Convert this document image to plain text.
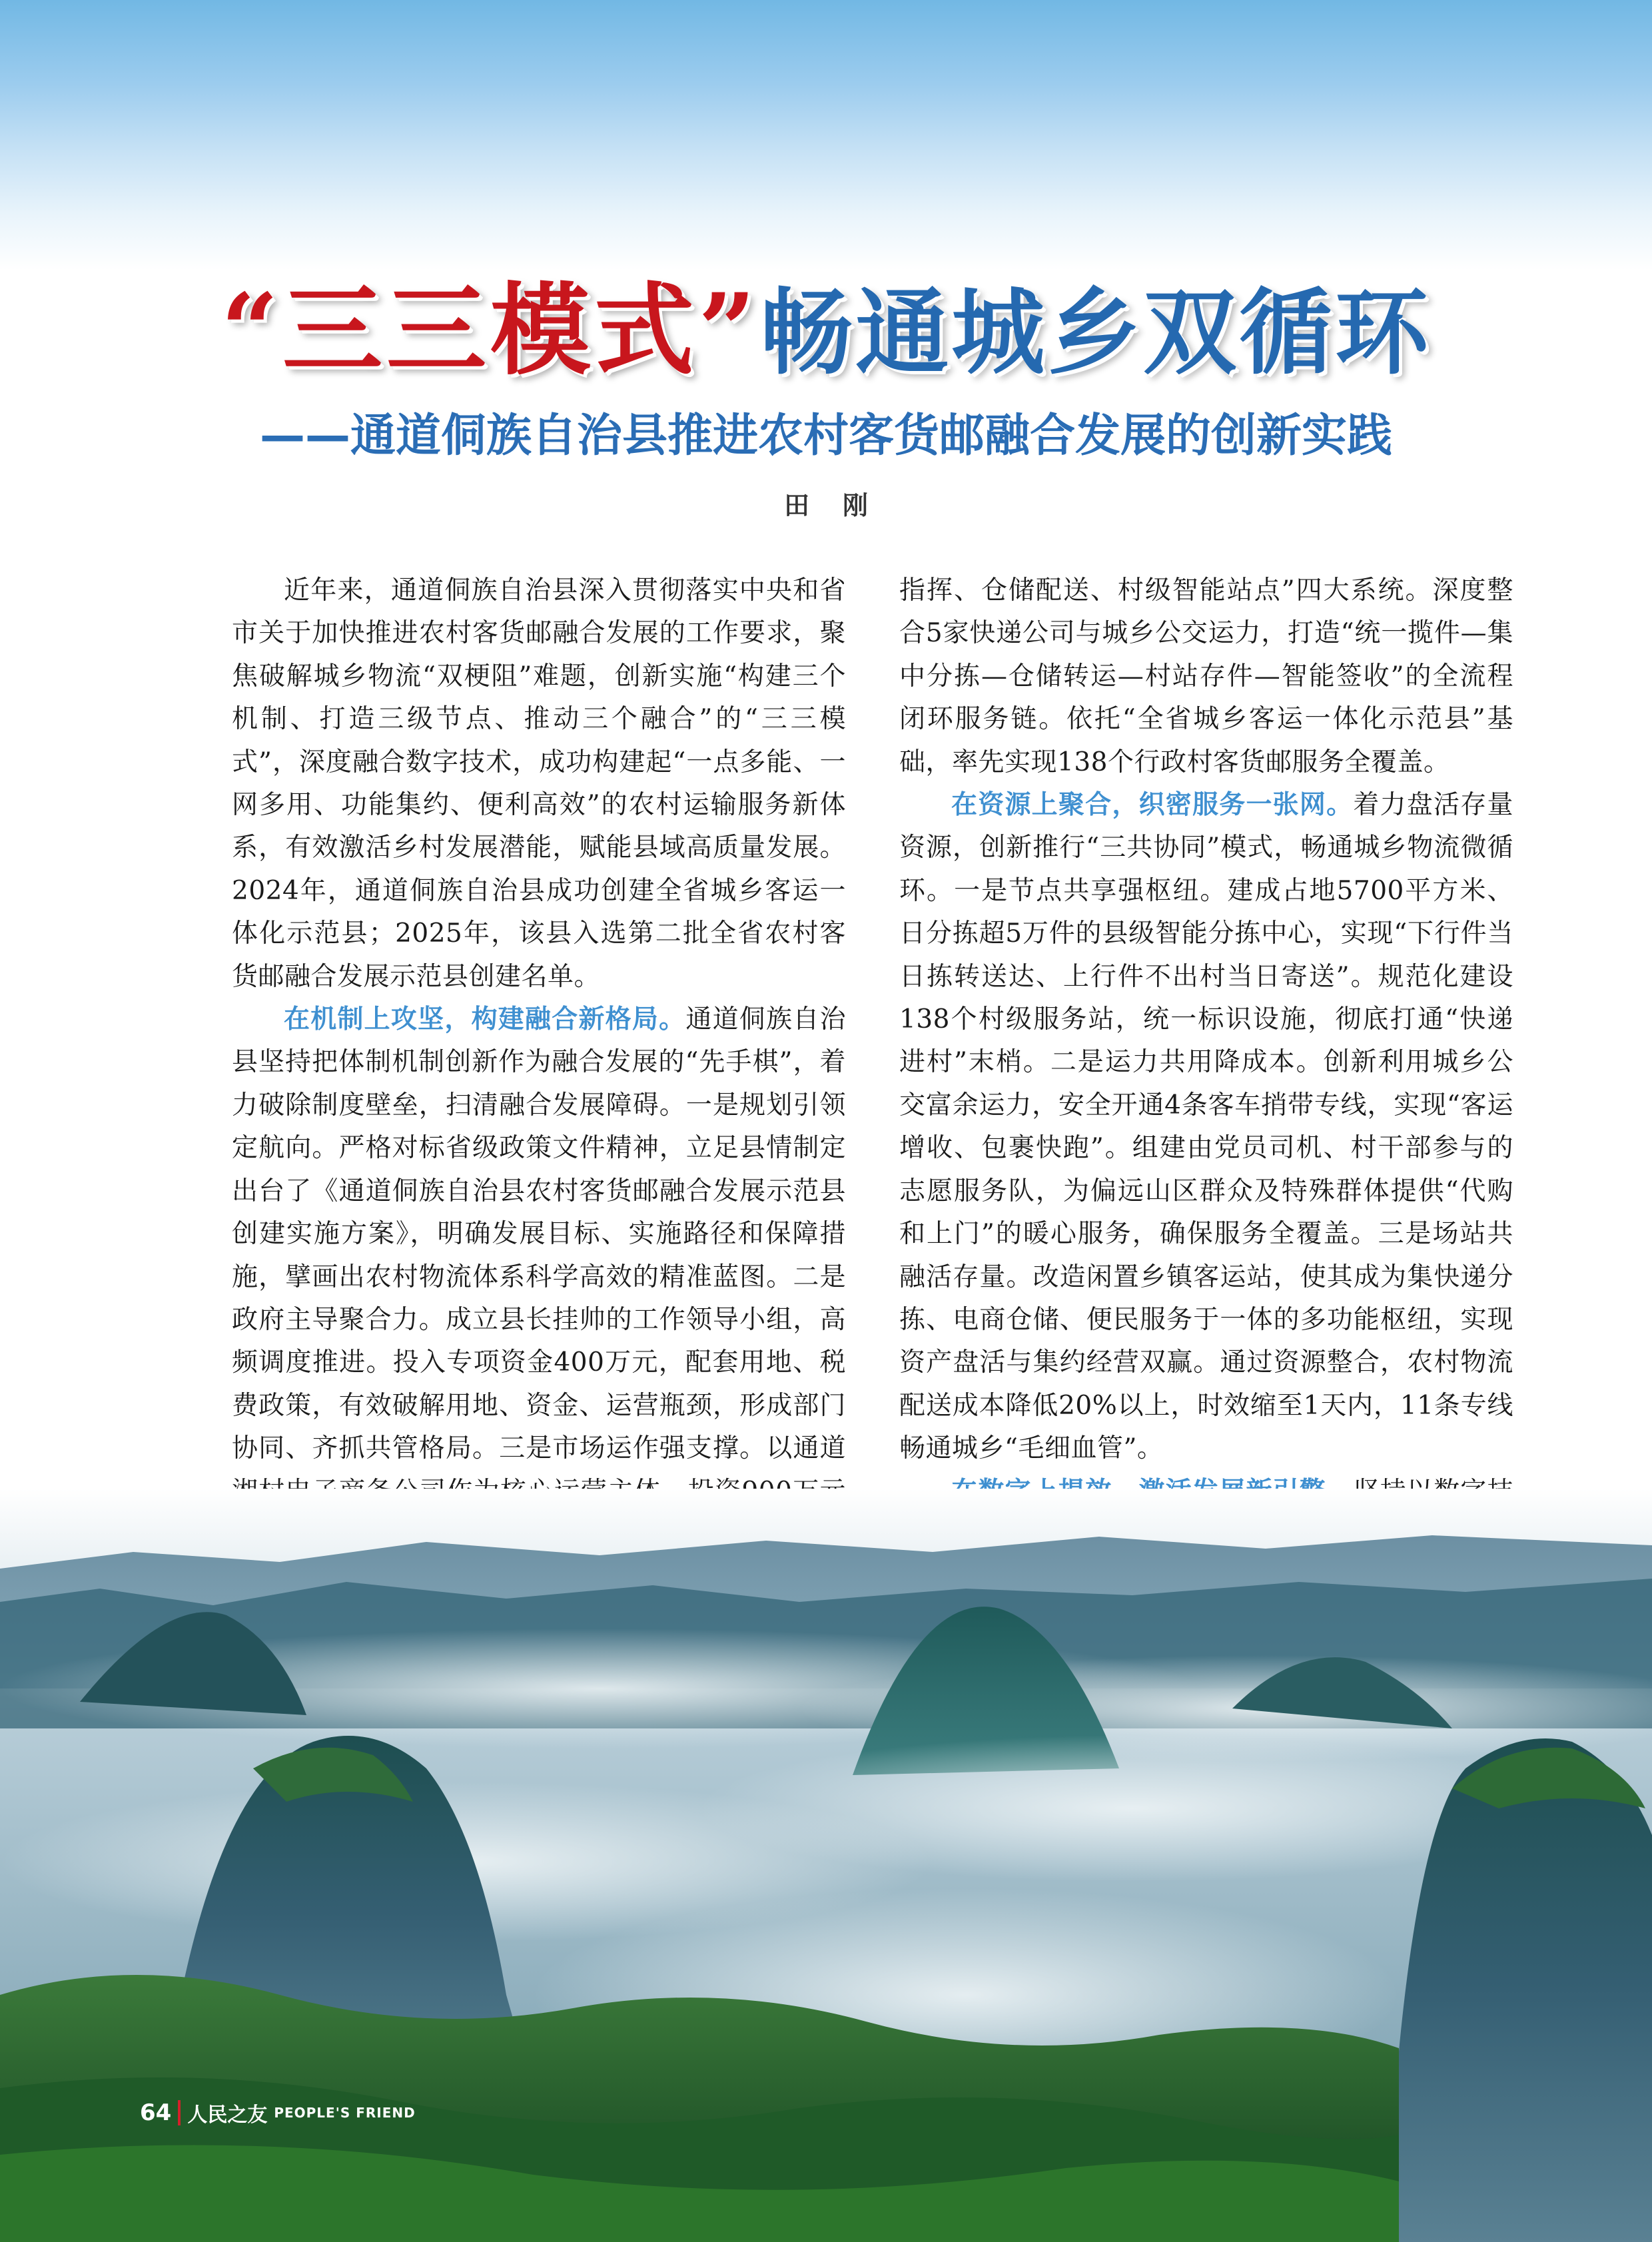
“三三模式”畅通城乡双循环
——通道侗族自治县推进农村客货邮融合发展的创新实践
田刚

近年来，通道侗族自治县深入贯彻落实中央和省市关于加快推进农村客货邮融合发展的工作要求，聚焦破解城乡物流“双梗阻”难题，创新实施“构建三个机制、打造三级节点、推动三个融合”的“三三模式”，深度融合数字技术，成功构建起“一点多能、一网多用、功能集约、便利高效”的农村运输服务新体系，有效激活乡村发展潜能，赋能县域高质量发展。2024年，通道侗族自治县成功创建全省城乡客运一体化示范县；2025年，该县入选第二批全省农村客货邮融合发展示范县创建名单。

在机制上攻坚，构建融合新格局。通道侗族自治县坚持把体制机制创新作为融合发展的“先手棋”，着力破除制度壁垒，扫清融合发展障碍。一是规划引领定航向。严格对标省级政策文件精神，立足县情制定出台了《通道侗族自治县农村客货邮融合发展示范县创建实施方案》，明确发展目标、实施路径和保障措施，擘画出农村物流体系科学高效的精准蓝图。二是政府主导聚合力。成立县长挂帅的工作领导小组，高频调度推进。投入专项资金400万元，配套用地、税费政策，有效破解用地、资金、运营瓶颈，形成部门协同、齐抓共管格局。三是市场运作强支撑。以通道

指挥、仓储配送、村级智能站点”四大系统。深度整合5家快递公司与城乡公交运力，打造“统一揽件—集中分拣—仓储转运—村站存件—智能签收”的全流程闭环服务链。依托“全省城乡客运一体化示范县”基础，率先实现138个行政村客货邮服务全覆盖。

在资源上聚合，织密服务一张网。着力盘活存量资源，创新推行“三共协同”模式，畅通城乡物流微循环。一是节点共享强枢纽。建成占地5700平方米、日分拣超5万件的县级智能分拣中心，实现“下行件当日拣转送达、上行件不出村当日寄送”。规范化建设138个村级服务站，统一标识设施，彻底打通“快递进村”末梢。二是运力共用降成本。创新利用城乡公交富余运力，安全开通4条客车捎带专线，实现“客运增收、包裹快跑”。组建由党员司机、村干部参与的志愿服务队，为偏远山区群众及特殊群体提供“代购和上门”的暖心服务，确保服务全覆盖。三是场站共融活存量。改造闲置乡镇客运站，使其成为集快递分拣、电商仓储、便民服务于一体的多功能枢纽，实现资产盘活与集约经营双赢。通过资源整合，农村物流配送成本降低20%以上，时效缩至1天内，11条专线畅通城乡“毛细血管”。

64 人民之友 PEOPLE'S FRIEND
